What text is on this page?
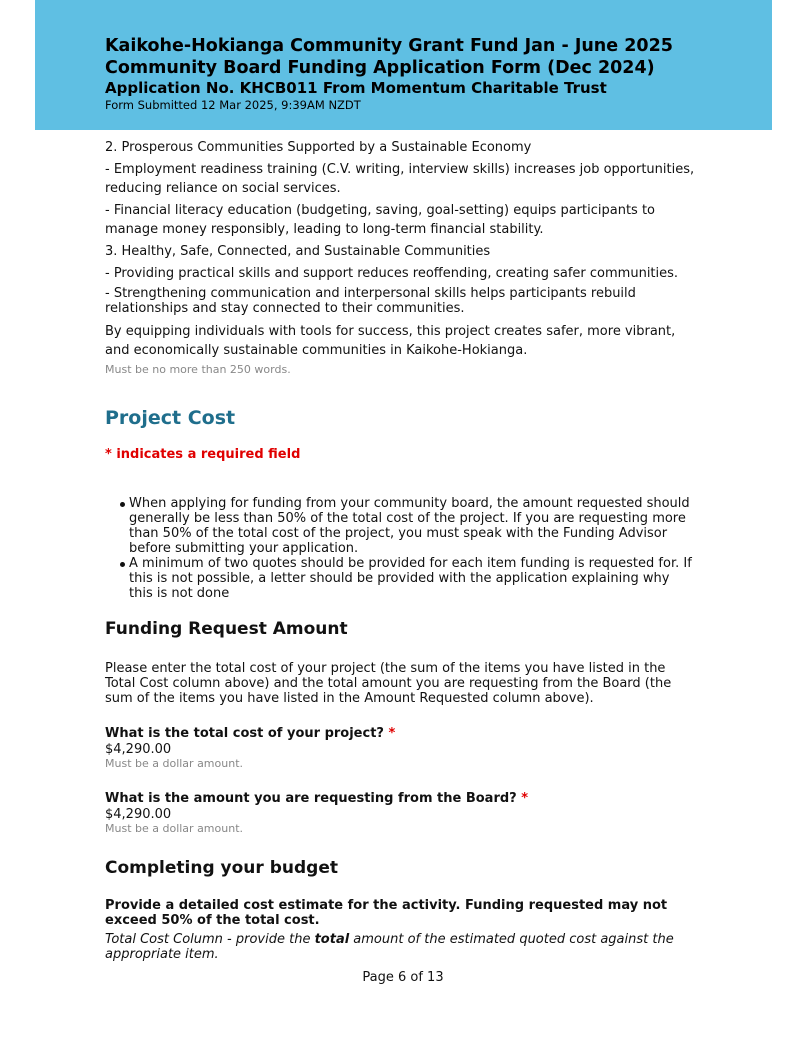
Kaikohe-Hokianga Community Grant Fund Jan - June 2025
Community Board Funding Application Form (Dec 2024)
Application No. KHCB011 From Momentum Charitable Trust
Form Submitted 12 Mar 2025, 9:39AM NZDT

2. Prosperous Communities Supported by a Sustainable Economy

- Employment readiness training (C.V. writing, interview skills) increases job opportunities, reducing reliance on social services.

- Financial literacy education (budgeting, saving, goal-setting) equips participants to manage money responsibly, leading to long-term financial stability.

3. Healthy, Safe, Connected, and Sustainable Communities

- Providing practical skills and support reduces reoffending, creating safer communities.

- Strengthening communication and interpersonal skills helps participants rebuild relationships and stay connected to their communities.

By equipping individuals with tools for success, this project creates safer, more vibrant, and economically sustainable communities in Kaikohe-Hokianga.

Must be no more than 250 words.
Project Cost
* indicates a required field
When applying for funding from your community board, the amount requested should generally be less than 50% of the total cost of the project. If you are requesting more than 50% of the total cost of the project, you must speak with the Funding Advisor before submitting your application.
A minimum of two quotes should be provided for each item funding is requested for. If this is not possible, a letter should be provided with the application explaining why this is not done
Funding Request Amount
Please enter the total cost of your project (the sum of the items you have listed in the Total Cost column above) and the total amount you are requesting from the Board (the sum of the items you have listed in the Amount Requested column above).
What is the total cost of your project? *
$4,290.00
Must be a dollar amount.
What is the amount you are requesting from the Board? *
$4,290.00
Must be a dollar amount.
Completing your budget
Provide a detailed cost estimate for the activity. Funding requested may not exceed 50% of the total cost.
Total Cost Column - provide the total amount of the estimated quoted cost against the appropriate item.
Page 6 of 13
